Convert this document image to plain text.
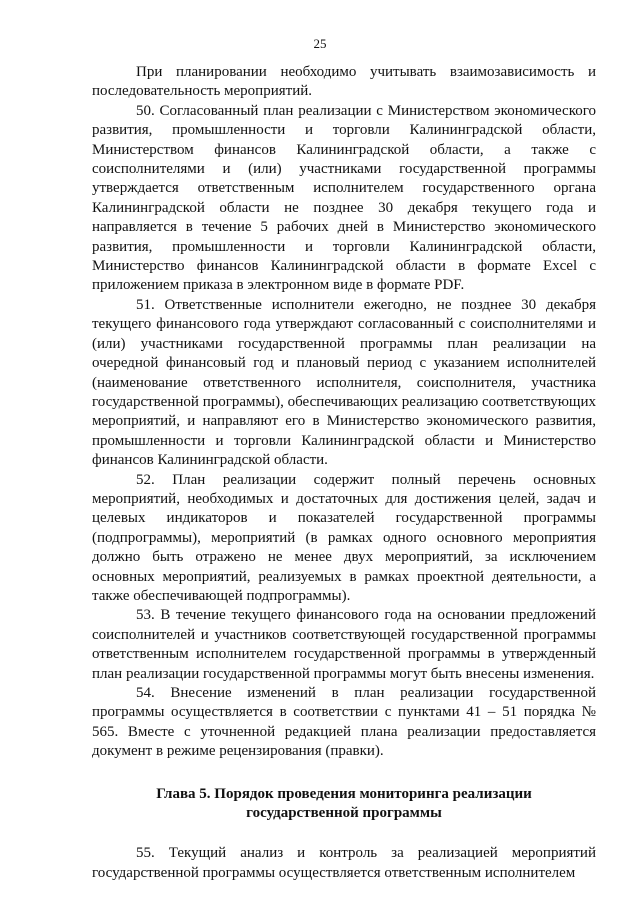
25

При планировании необходимо учитывать взаимозависимость и последовательность мероприятий.

50. Согласованный план реализации с Министерством экономического развития, промышленности и торговли Калининградской области, Министерством финансов Калининградской области, а также с соисполнителями и (или) участниками государственной программы утверждается ответственным исполнителем государственного органа Калининградской области не позднее 30 декабря текущего года и направляется в течение 5 рабочих дней в Министерство экономического развития, промышленности и торговли Калининградской области, Министерство финансов Калининградской области в формате Excel с приложением приказа в электронном виде в формате PDF.

51. Ответственные исполнители ежегодно, не позднее 30 декабря текущего финансового года утверждают согласованный с соисполнителями и (или) участниками государственной программы план реализации на очередной финансовый год и плановый период с указанием исполнителей (наименование ответственного исполнителя, соисполнителя, участника государственной программы), обеспечивающих реализацию соответствующих мероприятий, и направляют его в Министерство экономического развития, промышленности и торговли Калининградской области и Министерство финансов Калининградской области.

52. План реализации содержит полный перечень основных мероприятий, необходимых и достаточных для достижения целей, задач и целевых индикаторов и показателей государственной программы (подпрограммы), мероприятий (в рамках одного основного мероприятия должно быть отражено не менее двух мероприятий, за исключением основных мероприятий, реализуемых в рамках проектной деятельности, а также обеспечивающей подпрограммы).

53. В течение текущего финансового года на основании предложений соисполнителей и участников соответствующей государственной программы ответственным исполнителем государственной программы в утвержденный план реализации государственной программы могут быть внесены изменения.

54. Внесение изменений в план реализации государственной программы осуществляется в соответствии с пунктами 41 – 51 порядка № 565. Вместе с уточненной редакцией плана реализации предоставляется документ в режиме рецензирования (правки).

Глава 5. Порядок проведения мониторинга реализации
государственной программы

55. Текущий анализ и контроль за реализацией мероприятий государственной программы осуществляется ответственным исполнителем
